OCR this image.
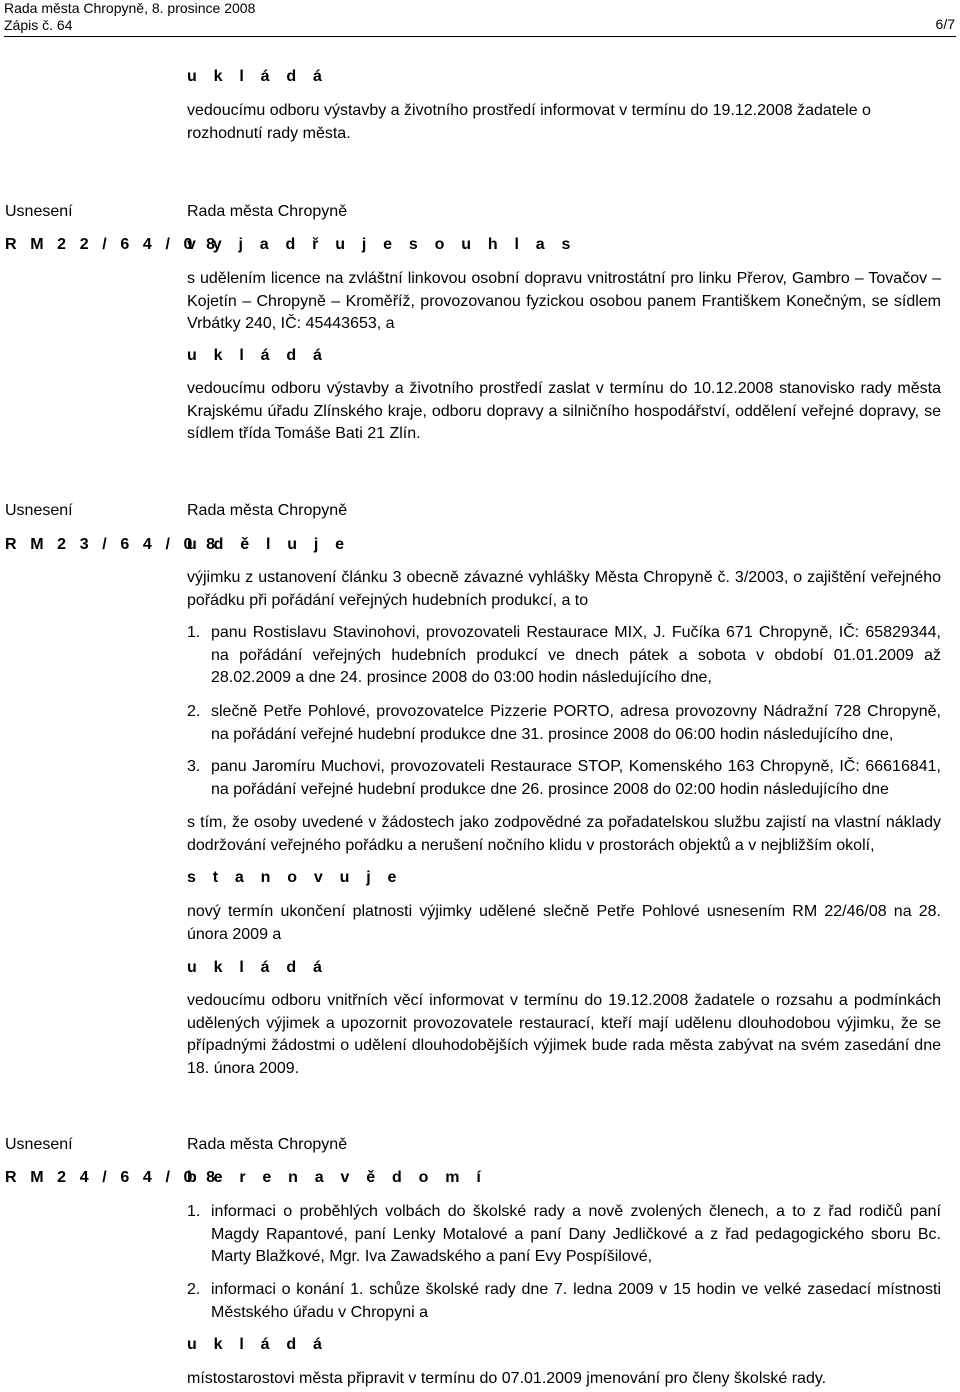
Rada města Chropyně, 8. prosince 2008
Zápis č. 64	6/7
u k l á d á
vedoucímu odboru výstavby a životního prostředí informovat v termínu do 19.12.2008 žadatele o rozhodnutí rady města.
Usnesení
R M 2 2 / 6 4 / 0 8
Rada města Chropyně
v y j a d ř u j e s o u h l a s
s udělením licence na zvláštní linkovou osobní dopravu vnitrostátní pro linku Přerov, Gambro – Tovačov – Kojetín – Chropyně – Kroměříž, provozovanou fyzickou osobou panem Františkem Konečným, se sídlem Vrbátky 240, IČ: 45443653, a
u k l á d á
vedoucímu odboru výstavby a životního prostředí zaslat v termínu do 10.12.2008 stanovisko rady města Krajskému úřadu Zlínského kraje, odboru dopravy a silničního hospodářství, oddělení veřejné dopravy, se sídlem třída Tomáše Bati 21 Zlín.
Usnesení
R M 2 3 / 6 4 / 0 8
Rada města Chropyně
u d ě l u j e
výjimku z ustanovení článku 3 obecně závazné vyhlášky Města Chropyně č. 3/2003, o zajištění veřejného pořádku při pořádání veřejných hudebních produkcí, a to
1. panu Rostislavu Stavinohovi, provozovateli Restaurace MIX, J. Fučíka 671 Chropyně, IČ: 65829344, na pořádání veřejných hudebních produkcí ve dnech pátek a sobota v období 01.01.2009 až 28.02.2009 a dne 24. prosince 2008 do 03:00 hodin následujícího dne,
2. slečně Petře Pohlové, provozovatelce Pizzerie PORTO, adresa provozovny Nádražní 728 Chropyně, na pořádání veřejné hudební produkce dne 31. prosince 2008 do 06:00 hodin následujícího dne,
3. panu Jaromíru Muchovi, provozovateli Restaurace STOP, Komenského 163 Chropyně, IČ: 66616841, na pořádání veřejné hudební produkce dne 26. prosince 2008 do 02:00 hodin následujícího dne
s tím, že osoby uvedené v žádostech jako zodpovědné za pořadatelskou službu zajistí na vlastní náklady dodržování veřejného pořádku a nerušení nočního klidu v prostorách objektů a v nejbližším okolí,
s t a n o v u j e
nový termín ukončení platnosti výjimky udělené slečně Petře Pohlové usnesením RM 22/46/08 na 28. února 2009 a
u k l á d á
vedoucímu odboru vnitřních věcí informovat v termínu do 19.12.2008 žadatele o rozsahu a podmínkách udělených výjimek a upozornit provozovatele restaurací, kteří mají udělenu dlouhodobou výjimku, že se případnými žádostmi o udělení dlouhodobějších výjimek bude rada města zabývat na svém zasedání dne 18. února 2009.
Usnesení
R M 2 4 / 6 4 / 0 8
Rada města Chropyně
b e r e n a v ě d o m í
1. informaci o proběhlých volbách do školské rady a nově zvolených členech, a to z řad rodičů paní Magdy Rapantové, paní Lenky Motalové a paní Dany Jedličkové a z řad pedagogického sboru Bc. Marty Blažkové, Mgr. Iva Zawadského a paní Evy Pospíšilové,
2. informaci o konání 1. schůze školské rady dne 7. ledna 2009 v 15 hodin ve velké zasedací místnosti Městského úřadu v Chropyni a
u k l á d á
místostarostovi města připravit v termínu do 07.01.2009 jmenování pro členy školské rady.
